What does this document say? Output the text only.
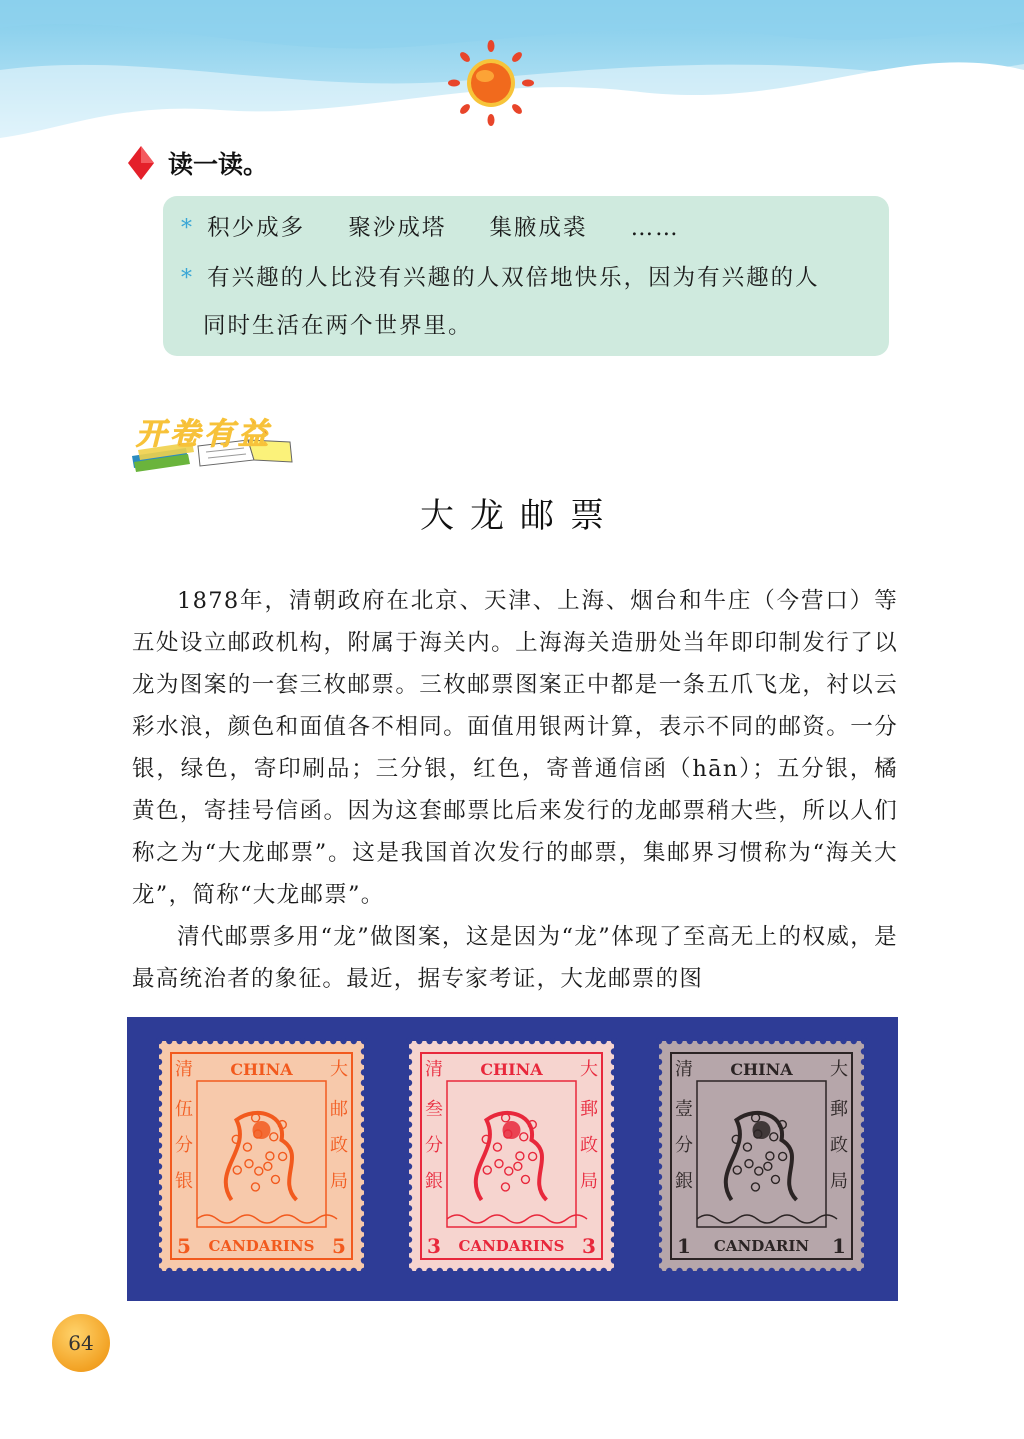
读一读。
* 积少成多 聚沙成塔 集腋成裘 ……
* 有兴趣的人比没有兴趣的人双倍地快乐，因为有兴趣的人
同时生活在两个世界里。
开卷有益
大龙邮票

1878年，清朝政府在北京、天津、上海、烟台和牛庄（今营口）等五处设立邮政机构，附属于海关内。上海海关造册处当年即印制发行了以龙为图案的一套三枚邮票。三枚邮票图案正中都是一条五爪飞龙，衬以云彩水浪，颜色和面值各不相同。面值用银两计算，表示不同的邮资。一分银，绿色，寄印刷品；三分银，红色，寄普通信函（hān）；五分银，橘黄色，寄挂号信函。因为这套邮票比后来发行的龙邮票稍大些，所以人们称之为“大龙邮票”。这是我国首次发行的邮票，集邮界习惯称为“海关大龙”，简称“大龙邮票”。

清代邮票多用“龙”做图案，这是因为“龙”体现了至高无上的权威，是最高统治者的象征。最近，据专家考证，大龙邮票的图

CHINA
CANDARINS
5	5
清
伍
分
银
大
邮
政
局
CHINA
CANDARINS
3	3
清
叁
分
銀
大
郵
政
局
CHINA
CANDARIN
1	1
清
壹
分
銀
大
郵
政
局
64
